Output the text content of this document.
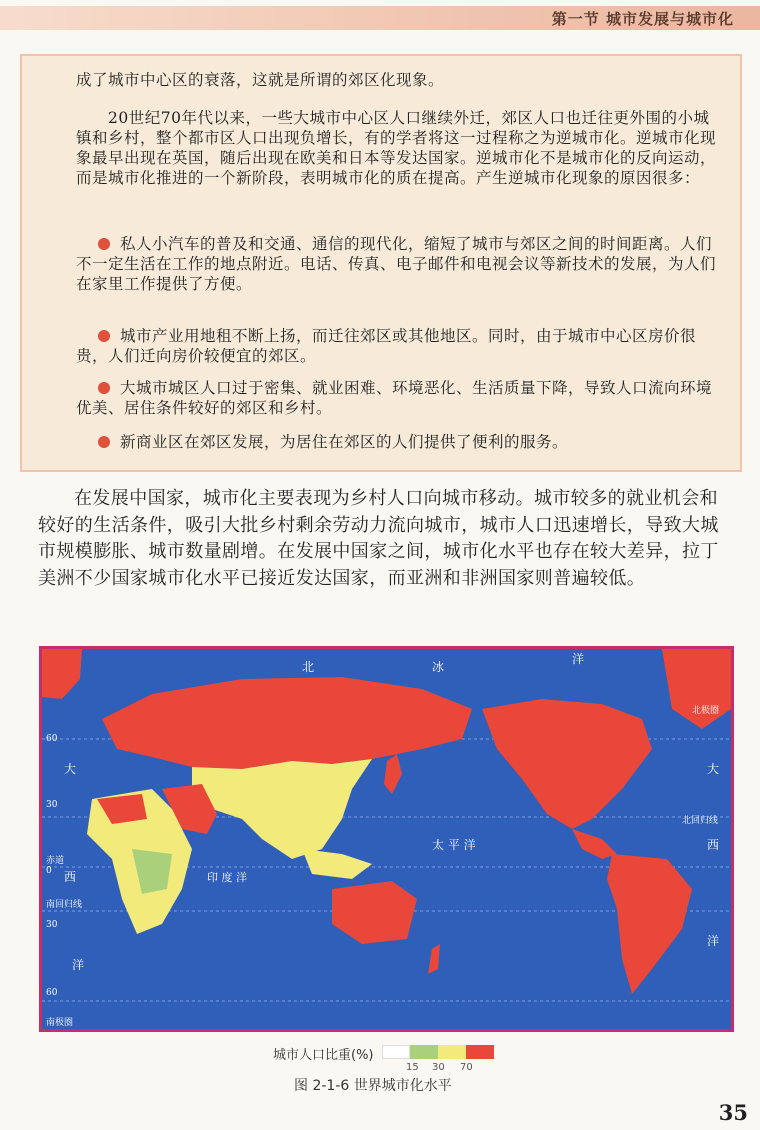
第一节 城市发展与城市化

成了城市中心区的衰落，这就是所谓的郊区化现象。

20世纪70年代以来，一些大城市中心区人口继续外迁，郊区人口也迁往更外围的小城镇和乡村，整个都市区人口出现负增长，有的学者将这一过程称之为逆城市化。逆城市化现象最早出现在英国，随后出现在欧美和日本等发达国家。逆城市化不是城市化的反向运动，而是城市化推进的一个新阶段，表明城市化的质在提高。产生逆城市化现象的原因很多：

私人小汽车的普及和交通、通信的现代化，缩短了城市与郊区之间的时间距离。人们不一定生活在工作的地点附近。电话、传真、电子邮件和电视会议等新技术的发展，为人们在家里工作提供了方便。

城市产业用地租不断上扬，而迁往郊区或其他地区。同时，由于城市中心区房价很贵，人们迁向房价较便宜的郊区。

大城市城区人口过于密集、就业困难、环境恶化、生活质量下降，导致人口流向环境优美、居住条件较好的郊区和乡村。

新商业区在郊区发展，为居住在郊区的人们提供了便利的服务。

在发展中国家，城市化主要表现为乡村人口向城市移动。城市较多的就业机会和较好的生活条件，吸引大批乡村剩余劳动力流向城市，城市人口迅速增长，导致大城市规模膨胀、城市数量剧增。在发展中国家之间，城市化水平也存在较大差异，拉丁美洲不少国家城市化水平已接近发达国家，而亚洲和非洲国家则普遍较低。
北	冰
洋
北极圈
北回归线
赤道
南回归线
南极圈
太 平 洋
印 度 洋
大
西
洋
大
西
洋
60
30
0
30
60
城市人口比重(%)
15 30 70
图 2-1-6 世界城市化水平
35
